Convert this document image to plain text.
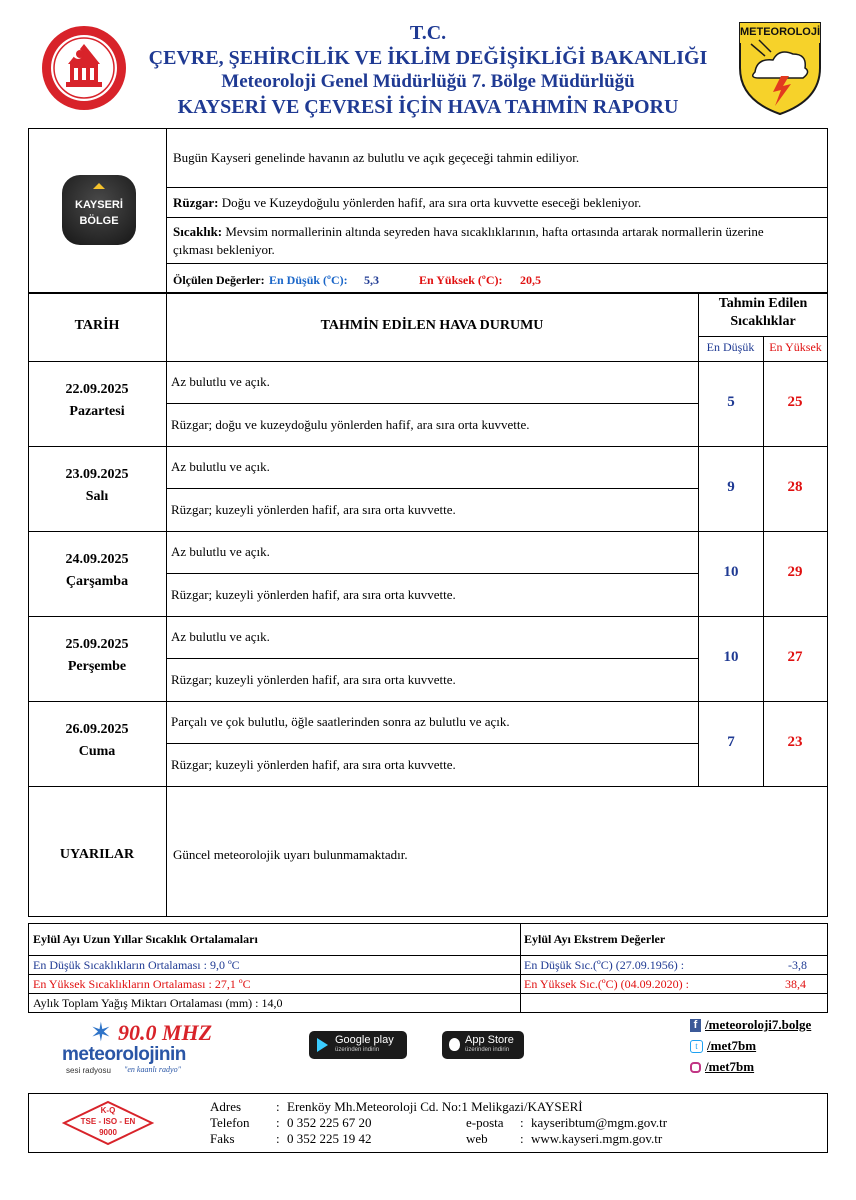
T.C.
ÇEVRE, ŞEHİRCİLİK VE İKLİM DEĞİŞİKLİĞİ BAKANLIĞI
Meteoroloji Genel Müdürlüğü 7. Bölge Müdürlüğü
KAYSERİ VE ÇEVRESİ İÇİN HAVA TAHMİN RAPORU
METEOROLOJİ
KAYSERİ
BÖLGE
Bugün Kayseri genelinde havanın az bulutlu ve açık geçeceği tahmin ediliyor.
Rüzgar: Doğu ve Kuzeydoğulu yönlerden hafif, ara sıra orta kuvvette eseceği bekleniyor.
Sıcaklık: Mevsim normallerinin altında seyreden hava sıcaklıklarının, hafta ortasında artarak normallerin üzerine
çıkması bekleniyor.
Ölçülen Değerler: En Düşük (ºC): 5,3	En Yüksek (ºC): 20,5
TARİH	TAHMİN EDİLEN HAVA DURUMU
Tahmin Edilen
Sıcaklıklar
En Düşük	En Yüksek
22.09.2025
Pazartesi
Az bulutlu ve açık.
Rüzgar; doğu ve kuzeydoğulu yönlerden hafif, ara sıra orta kuvvette.
5	25
23.09.2025
Salı
Az bulutlu ve açık.
Rüzgar; kuzeyli yönlerden hafif, ara sıra orta kuvvette.
9	28
24.09.2025
Çarşamba
Az bulutlu ve açık.
Rüzgar; kuzeyli yönlerden hafif, ara sıra orta kuvvette.
10	29
25.09.2025
Perşembe
Az bulutlu ve açık.
Rüzgar; kuzeyli yönlerden hafif, ara sıra orta kuvvette.
10	27
26.09.2025
Cuma
Parçalı ve çok bulutlu, öğle saatlerinden sonra az bulutlu ve açık.
Rüzgar; kuzeyli yönlerden hafif, ara sıra orta kuvvette.
7	23
UYARILAR	Güncel meteorolojik uyarı bulunmamaktadır.
Eylül Ayı Uzun Yıllar Sıcaklık Ortalamaları	Eylül Ayı Ekstrem Değerler
En Düşük Sıcaklıkların Ortalaması : 9,0 ºC
En Yüksek Sıcaklıkların Ortalaması : 27,1 ºC
Aylık Toplam Yağış Miktarı Ortalaması (mm) : 14,0
En Düşük Sıc.(ºC) (27.09.1956) :	-3,8
En Yüksek Sıc.(ºC) (04.09.2020) :	38,4
✶ 90.0 MHZ
meteorolojinin
sesi radyosu "en kaanlı radyo"
Google play
üzerinden indirin
App Store
üzerinden indirin
f /meteoroloji7.bolge
t /met7bm
/met7bm
K-Q
TSE - ISO - EN
9000
Adres	: Erenköy Mh.Meteoroloji Cd. No:1 Melikgazi/KAYSERİ
Telefon : 0 352 225 67 20
Faks	: 0 352 225 19 42
e-posta : kayseribtum@mgm.gov.tr
web : www.kayseri.mgm.gov.tr
